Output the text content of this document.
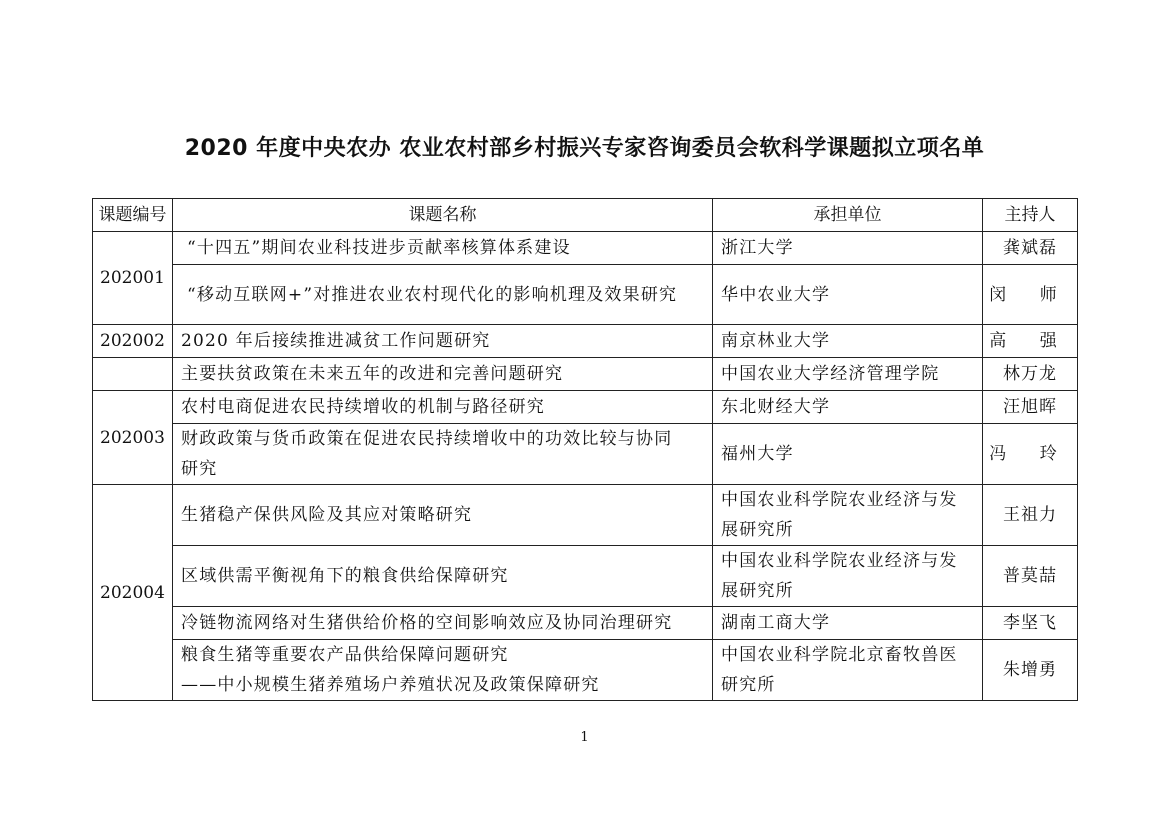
2020 年度中央农办 农业农村部乡村振兴专家咨询委员会软科学课题拟立项名单
课题编号	课题名称	承担单位	主持人
202001	“十四五”期间农业科技进步贡献率核算体系建设	浙江大学	龚斌磊
	“移动互联网+”对推进农业农村现代化的影响机理及效果研究	华中农业大学	闵 师
202002	2020 年后接续推进减贫工作问题研究	南京林业大学	高 强
	主要扶贫政策在未来五年的改进和完善问题研究	中国农业大学经济管理学院	林万龙
202003	农村电商促进农民持续增收的机制与路径研究	东北财经大学	汪旭晖

	财政政策与货币政策在促进农民持续增收中的功效比较与协同
研究	福州大学	冯 玲
202004	生猪稳产保供风险及其应对策略研究	中国农业科学院农业经济与发
展研究所	王祖力
	区域供需平衡视角下的粮食供给保障研究	中国农业科学院农业经济与发
展研究所	普莫喆
	冷链物流网络对生猪供给价格的空间影响效应及协同治理研究	湖南工商大学	李坚飞

	粮食生猪等重要农产品供给保障问题研究
——中小规模生猪养殖场户养殖状况及政策保障研究	中国农业科学院北京畜牧兽医
研究所	朱增勇
1
